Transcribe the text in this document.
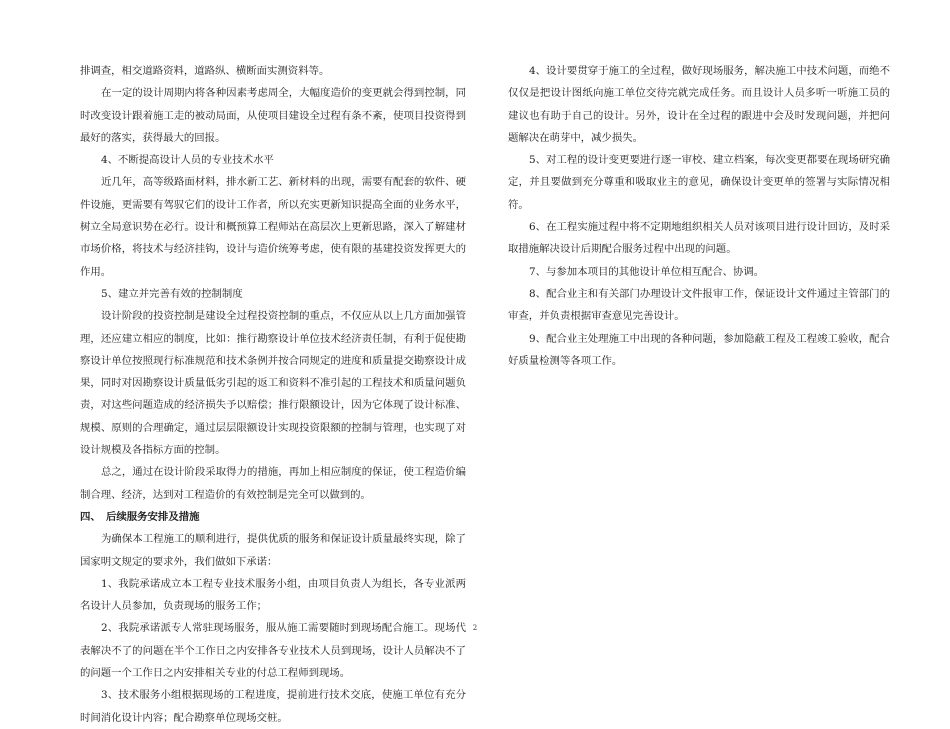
排调查，相交道路资料，道路纵、横断面实测资料等。

在一定的设计周期内将各种因素考虑周全，大幅度造价的变更就会得到控制，同时改变设计跟着施工走的被动局面，从使项目建设全过程有条不紊，使项目投资得到最好的落实，获得最大的回报。

4、不断提高设计人员的专业技术水平

近几年，高等级路面材料，排水新工艺、新材料的出现，需要有配套的软件、硬件设施，更需要有驾驭它们的设计工作者，所以充实更新知识提高全面的业务水平，树立全局意识势在必行。设计和概预算工程师站在高层次上更新思路，深入了解建材市场价格，将技术与经济挂钩，设计与造价统筹考虑，使有限的基建投资发挥更大的作用。

5、建立并完善有效的控制制度

设计阶段的投资控制是建设全过程投资控制的重点，不仅应从以上几方面加强管理，还应建立相应的制度，比如：推行勘察设计单位技术经济责任制，有利于促使勘察设计单位按照现行标准规范和技术条例并按合同规定的进度和质量提交勘察设计成果，同时对因勘察设计质量低劣引起的返工和资料不准引起的工程技术和质量问题负责，对这些问题造成的经济损失予以赔偿；推行限额设计，因为它体现了设计标准、规模、原则的合理确定，通过层层限额设计实现投资限额的控制与管理，也实现了对设计规模及各指标方面的控制。

总之，通过在设计阶段采取得力的措施，再加上相应制度的保证，使工程造价编制合理、经济，达到对工程造价的有效控制是完全可以做到的。

四、　后续服务安排及措施

为确保本工程施工的顺利进行，提供优质的服务和保证设计质量最终实现，除了国家明文规定的要求外，我们做如下承诺：

1、我院承诺成立本工程专业技术服务小组，由项目负责人为组长，各专业派两名设计人员参加，负责现场的服务工作；

2、我院承诺派专人常驻现场服务，服从施工需要随时到现场配合施工。现场代表解决不了的问题在半个工作日之内安排各专业技术人员到现场，设计人员解决不了的问题一个工作日之内安排相关专业的付总工程师到现场。

3、技术服务小组根据现场的工程进度，提前进行技术交底，使施工单位有充分时间消化设计内容；配合勘察单位现场交桩。

4、设计要贯穿于施工的全过程，做好现场服务，解决施工中技术问题，而绝不仅仅是把设计图纸向施工单位交待完就完成任务。而且设计人员多听一听施工员的建议也有助于自己的设计。另外，设计在全过程的跟进中会及时发现问题，并把问题解决在萌芽中，减少损失。

5、对工程的设计变更要进行逐一审校、建立档案，每次变更都要在现场研究确定，并且要做到充分尊重和吸取业主的意见，确保设计变更单的签署与实际情况相符。

6、在工程实施过程中将不定期地组织相关人员对该项目进行设计回访，及时采取措施解决设计后期配合服务过程中出现的问题。

7、与参加本项目的其他设计单位相互配合、协调。

8、配合业主和有关部门办理设计文件报审工作，保证设计文件通过主管部门的审查，并负责根据审查意见完善设计。

9、配合业主处理施工中出现的各种问题，参加隐蔽工程及工程竣工验收，配合好质量检测等各项工作。

2
